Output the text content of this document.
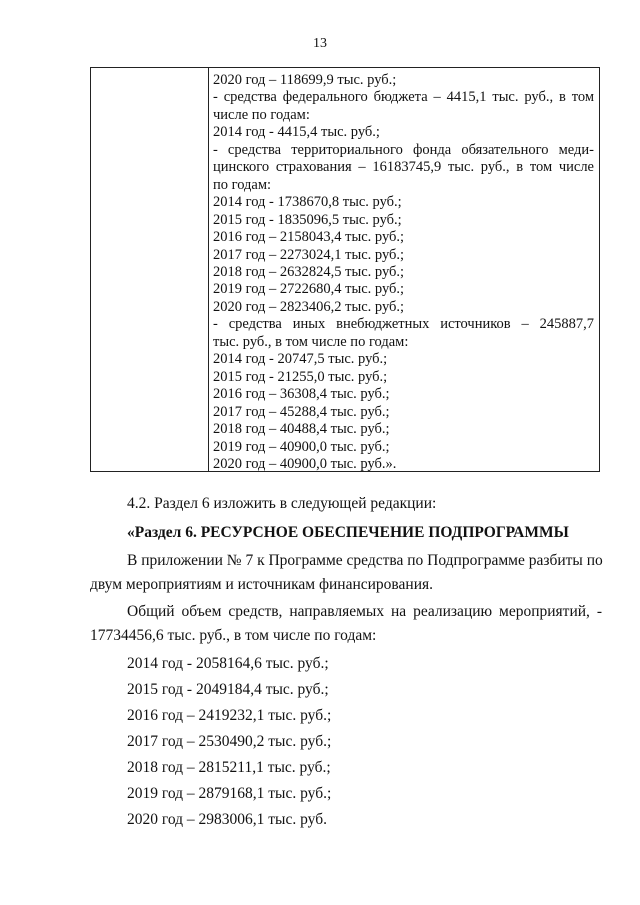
13
2020 год – 118699,9 тыс. руб.;
- средства федерального бюджета – 4415,1 тыс. руб., в том
числе по годам:
2014 год - 4415,4 тыс. руб.;
- средства территориального фонда обязательного меди-
цинского страхования – 16183745,9 тыс. руб., в том числе
по годам:
2014 год - 1738670,8 тыс. руб.;
2015 год - 1835096,5 тыс. руб.;
2016 год – 2158043,4 тыс. руб.;
2017 год – 2273024,1 тыс. руб.;
2018 год – 2632824,5 тыс. руб.;
2019 год – 2722680,4 тыс. руб.;
2020 год – 2823406,2 тыс. руб.;
- средства иных внебюджетных источников – 245887,7
тыс. руб., в том числе по годам:
2014 год - 20747,5 тыс. руб.;
2015 год - 21255,0 тыс. руб.;
2016 год – 36308,4 тыс. руб.;
2017 год – 45288,4 тыс. руб.;
2018 год – 40488,4 тыс. руб.;
2019 год – 40900,0 тыс. руб.;
2020 год – 40900,0 тыс. руб.».
4.2. Раздел 6 изложить в следующей редакции:
«Раздел 6. РЕСУРСНОЕ ОБЕСПЕЧЕНИЕ ПОДПРОГРАММЫ
В приложении № 7 к Программе средства по Подпрограмме разбиты по
двум мероприятиям и источникам финансирования.
Общий объем средств, направляемых на реализацию мероприятий, -
17734456,6 тыс. руб., в том числе по годам:
2014 год - 2058164,6 тыс. руб.;
2015 год - 2049184,4 тыс. руб.;
2016 год – 2419232,1 тыс. руб.;
2017 год – 2530490,2 тыс. руб.;
2018 год – 2815211,1 тыс. руб.;
2019 год – 2879168,1 тыс. руб.;
2020 год – 2983006,1 тыс. руб.
